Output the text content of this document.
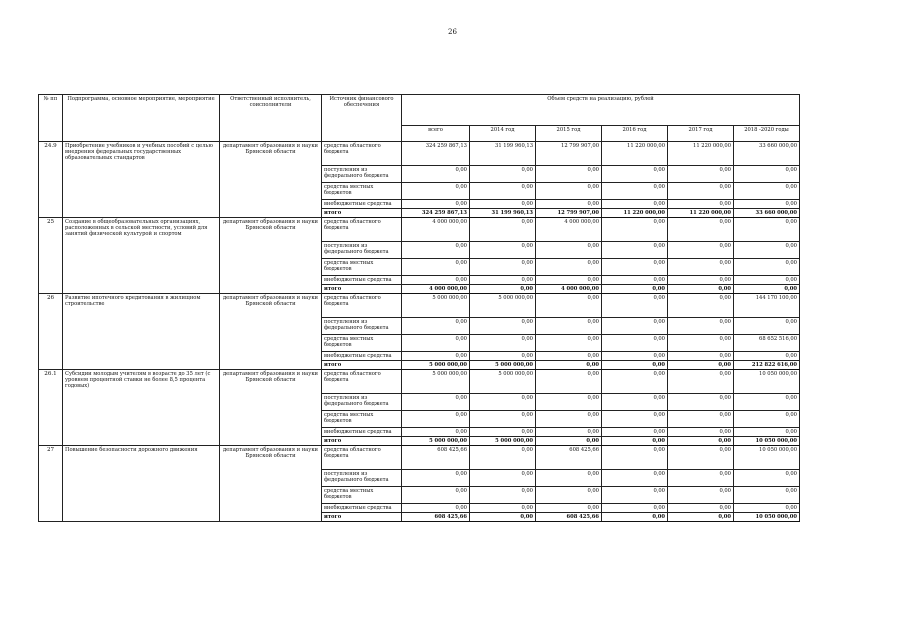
26
№ пп	Подпрограмма, основное мероприятие, мероприятие	Ответственный исполнитель, соисполнители	Источник финансового обеспечения	Объем средств на реализацию, рублей					
				всего	2014 год	2015 год	2016 год	2017 год	2018 -2020 годы
24.9	Приобретение учебников и учебных пособий с целью внедрения федеральных государственных образовательных стандартов	департамент образования и науки Брянской области	средства областного бюджета	324 259 867,13	31 199 960,13	12 799 907,00	11 220 000,00	11 220 000,00	33 660 000,00
			поступления из федерального бюджета	0,00	0,00	0,00	0,00	0,00	0,00
			средства местных бюджетов	0,00	0,00	0,00	0,00	0,00	0,00
			внебюджетные средства	0,00	0,00	0,00	0,00	0,00	0,00
			итого	324 259 867,13	31 199 960,13	12 799 907,00	11 220 000,00	11 220 000,00	33 660 000,00
25	Создание в общеобразовательных организациях, расположенных в сельской местности, условий для занятий физической культурой и спортом	департамент образования и науки Брянской области	средства областного бюджета	4 000 000,00	0,00	4 000 000,00	0,00	0,00	0,00
			поступления из федерального бюджета	0,00	0,00	0,00	0,00	0,00	0,00
			средства местных бюджетов	0,00	0,00	0,00	0,00	0,00	0,00
			внебюджетные средства	0,00	0,00	0,00	0,00	0,00	0,00
			итого	4 000 000,00	0,00	4 000 000,00	0,00	0,00	0,00
26	Развитие ипотечного кредитования в жилищном строительстве	департамент образования и науки Брянской области	средства областного бюджета	5 000 000,00	5 000 000,00	0,00	0,00	0,00	144 170 100,00
			поступления из федерального бюджета	0,00	0,00	0,00	0,00	0,00	0,00
			средства местных бюджетов	0,00	0,00	0,00	0,00	0,00	68 652 516,00
			внебюджетные средства	0,00	0,00	0,00	0,00	0,00	0,00
			итого	5 000 000,00	5 000 000,00	0,00	0,00	0,00	212 822 616,00
26.1	Субсидии молодым учителям в возрасте до 35 лет (с уровнем процентной ставки не более 8,5 процента годовых)	департамент образования и науки Брянской области	средства областного бюджета	5 000 000,00	5 000 000,00	0,00	0,00	0,00	10 050 000,00
			поступления из федерального бюджета	0,00	0,00	0,00	0,00	0,00	0,00
			средства местных бюджетов	0,00	0,00	0,00	0,00	0,00	0,00
			внебюджетные средства	0,00	0,00	0,00	0,00	0,00	0,00
			итого	5 000 000,00	5 000 000,00	0,00	0,00	0,00	10 050 000,00
27	Повышение безопасности дорожного движения	департамент образования и науки Брянской области	средства областного бюджета	608 425,66	0,00	608 425,66	0,00	0,00	10 050 000,00
			поступления из федерального бюджета	0,00	0,00	0,00	0,00	0,00	0,00
			средства местных бюджетов	0,00	0,00	0,00	0,00	0,00	0,00
			внебюджетные средства	0,00	0,00	0,00	0,00	0,00	0,00
			итого	608 425,66	0,00	608 425,66	0,00	0,00	10 050 000,00
